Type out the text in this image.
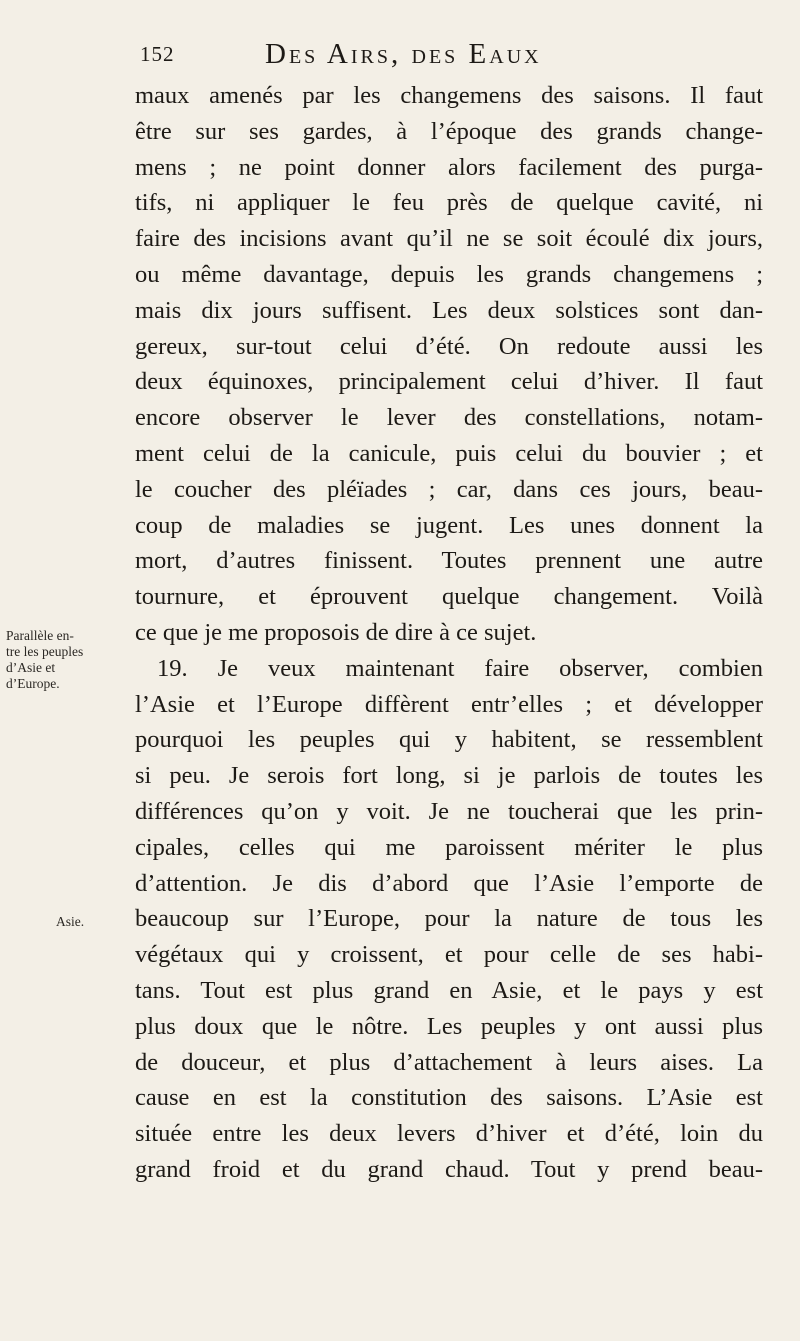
152	Des Airs, des Eaux
Parallèle en-
tre les peuples
d’Asie et
d’Europe.
Asie.
maux amenés par les changemens des saisons. Il faut
être sur ses gardes, à l’époque des grands change-
mens ; ne point donner alors facilement des purga-
tifs, ni appliquer le feu près de quelque cavité, ni
faire des incisions avant qu’il ne se soit écoulé dix jours,
ou même davantage, depuis les grands changemens ;
mais dix jours suffisent. Les deux solstices sont dan-
gereux, sur-tout celui d’été. On redoute aussi les
deux équinoxes, principalement celui d’hiver. Il faut
encore observer le lever des constellations, notam-
ment celui de la canicule, puis celui du bouvier ; et
le coucher des pléïades ; car, dans ces jours, beau-
coup de maladies se jugent. Les unes donnent la
mort, d’autres finissent. Toutes prennent une autre
tournure, et éprouvent quelque changement. Voilà
ce que je me proposois de dire à ce sujet.
19. Je veux maintenant faire observer, combien
l’Asie et l’Europe diffèrent entr’elles ; et développer
pourquoi les peuples qui y habitent, se ressemblent
si peu. Je serois fort long, si je parlois de toutes les
différences qu’on y voit. Je ne toucherai que les prin-
cipales, celles qui me paroissent mériter le plus
d’attention. Je dis d’abord que l’Asie l’emporte de
beaucoup sur l’Europe, pour la nature de tous les
végétaux qui y croissent, et pour celle de ses habi-
tans. Tout est plus grand en Asie, et le pays y est
plus doux que le nôtre. Les peuples y ont aussi plus
de douceur, et plus d’attachement à leurs aises. La
cause en est la constitution des saisons. L’Asie est
située entre les deux levers d’hiver et d’été, loin du
grand froid et du grand chaud. Tout y prend beau-
